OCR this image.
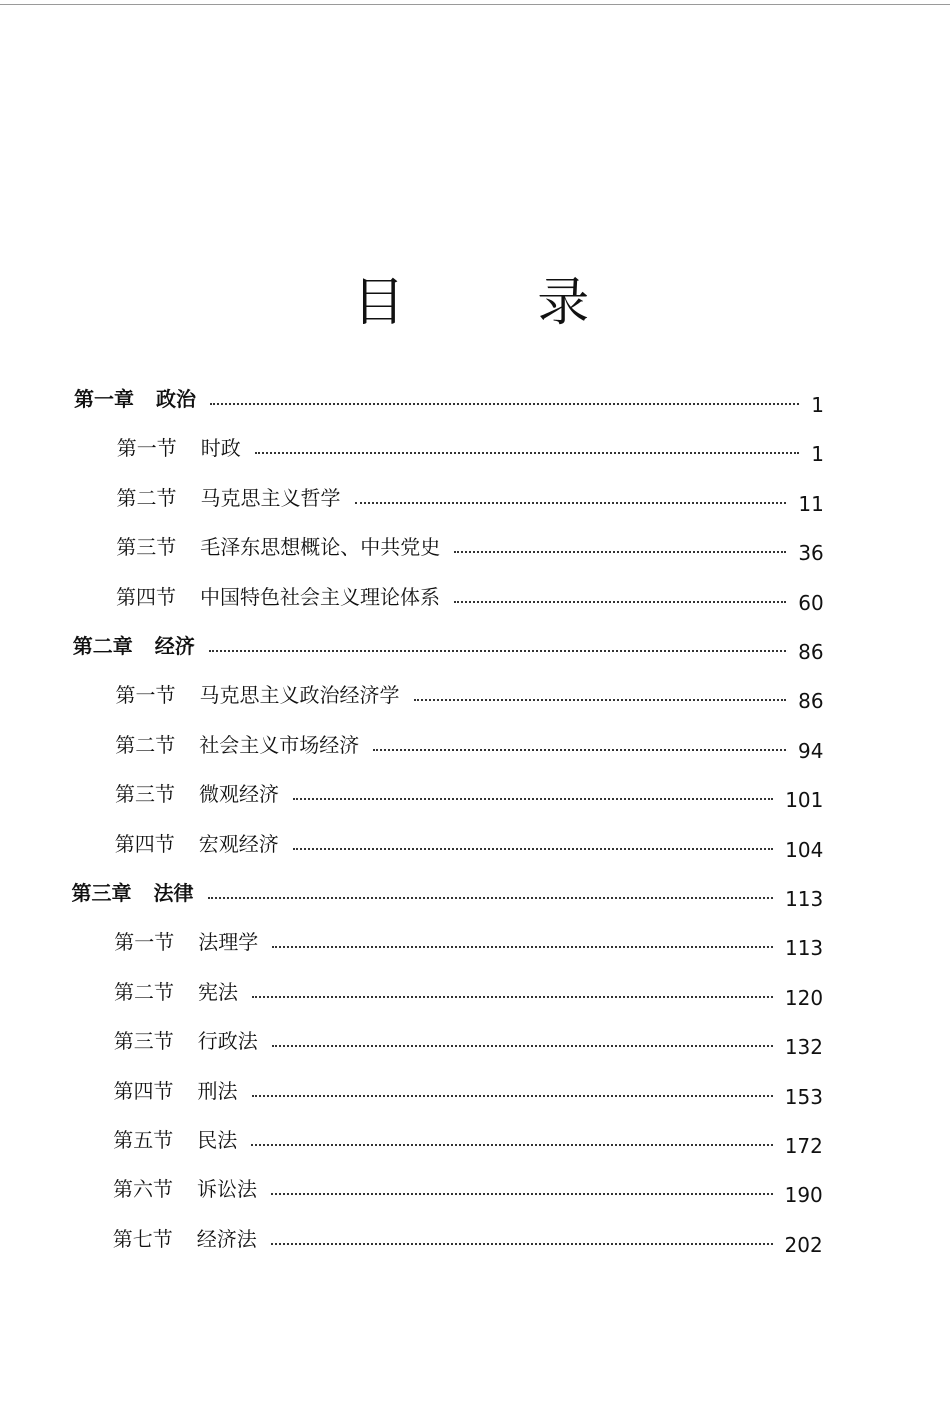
目 录
第一章 政治	1
第一节 时政	1
第二节 马克思主义哲学	11
第三节 毛泽东思想概论、中共党史	36
第四节 中国特色社会主义理论体系	60
第二章 经济	86
第一节 马克思主义政治经济学	86
第二节 社会主义市场经济	94
第三节 微观经济	101
第四节 宏观经济	104
第三章 法律	113
第一节 法理学	113
第二节 宪法	120
第三节 行政法	132
第四节 刑法	153
第五节 民法	172
第六节 诉讼法	190
第七节 经济法	202
